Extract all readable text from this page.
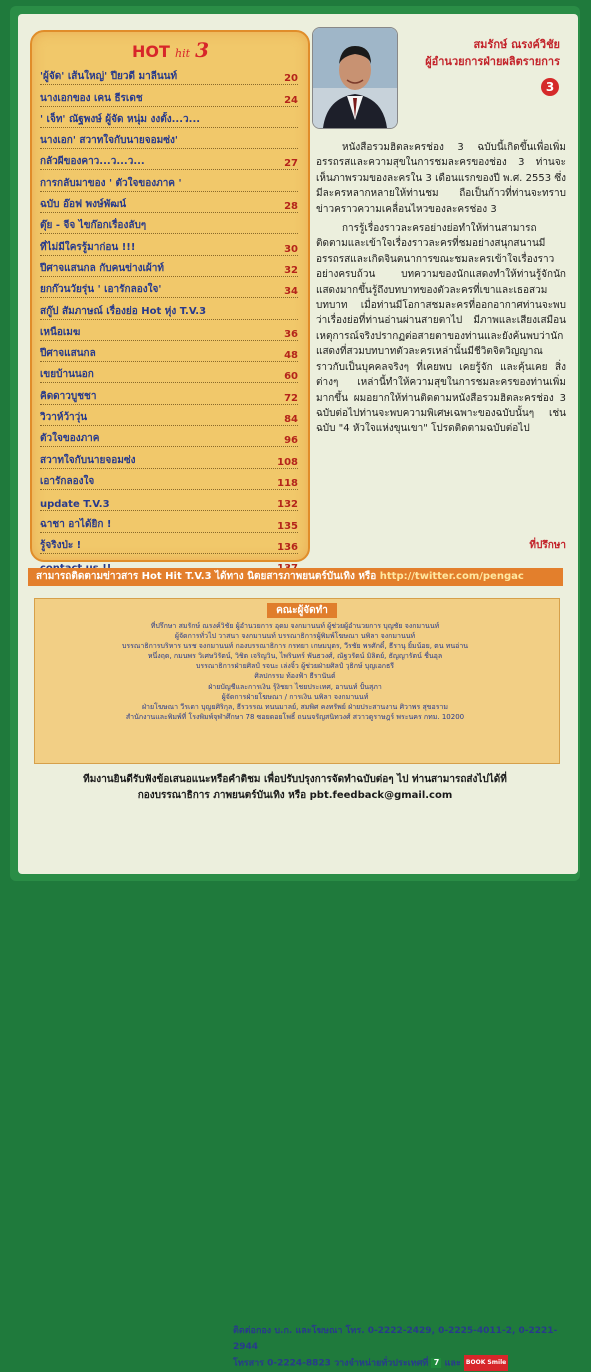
HOT hit 3
'ผู้จัด' เส้นใหญ่' ปียวดี มาลีนนท์	20
นางเอกของ เคน ธีรเดช	24
' เจ็ท' ณัฐพงษ์ ผู้จัด หนุ่ม งงตั้ง...ว...
นางเอก' สวาทใจกับนายจอมซ่ง'
กลัวผีของคาว...ว...ว...	27
การกลับมาของ ' ตัวใจของภาค '
ฉบับ อ๊อฟ พงษ์พัฒน์	28
ตุ๊ย - จีจ ไขก๊อกเรื่องลับๆ
ที่ไม่มีใครรู้มาก่อน !!!	30
ปีศาจแสนกล กับคนข่างเผ้าท์	32
ยกก๊วนวัยรุ่น ' เอารักลองใจ'	34
สกู๊ป สัมภาษณ์ เรื่องย่อ Hot หุ่ง T.V.3
เหนือเมฆ	36
ปีศาจแสนกล	48
เขยบ้านนอก	60
คิดดาวบูชชา	72
วิวาห์ว้าวุ่น	84
ตัวใจของภาค	96
สวาทใจกับนายจอมซ่ง	108
เอารักลองใจ	118
update T.V.3	132
ฉาชา อาได้ยิก !	135
รู้จริงป่ะ !	136
สมรักษ์ ณรงค์วิชัย
ผู้อำนวยการฝ่ายผลิตรายการ
3

หนังสือรวมฮิตละครช่อง 3 ฉบับนี้เกิดขึ้นเพื่อเพิ่มอรรถรสและความสุขในการชมละครของช่อง 3 ท่านจะเห็นภาพรวมของละครใน 3 เดือนแรกของปี พ.ศ. 2553 ซึ่งมีละครหลากหลายให้ท่านชม ถือเป็นก้าวที่ท่านจะทราบข่าวคราวความเคลื่อนไหวของละครช่อง 3

การรู้เรื่องราวละครอย่างย่อทำให้ท่านสามารถติดตามและเข้าใจเรื่องราวละครที่ชมอย่างสนุกสนานมีอรรถรสและเกิดจินตนาการขณะชมละครเข้าใจเรื่องราวอย่างครบถ้วน บทความของนักแสดงทำให้ท่านรู้จักนักแสดงมากขึ้นรู้ถึงบทบาทของตัวละครที่เขาและเธอสวมบทบาท เมื่อท่านมีโอกาสชมละครที่ออกอากาศท่านจะพบว่าเรื่องย่อที่ท่านอ่านผ่านสายตาไป มีภาพและเสียงเสมือนเหตุการณ์จริงปรากฏต่อสายตาของท่านและยังค้นพบว่านักแสดงที่สวมบทบาทตัวละครเหล่านั้นมีชีวิตจิตวิญญาณราวกับเป็นบุคคลจริงๆ ที่เคยพบ เคยรู้จัก และคุ้นเคย สิ่งต่างๆ เหล่านี้ทำให้ความสุขในการชมละครของท่านเพิ่มมากขึ้น ผมอยากให้ท่านติดตามหนังสือรวมฮิตละครช่อง 3 ฉบับต่อไปท่านจะพบความพิเศษเฉพาะของฉบับนั้นๆ เช่น ฉบับ "4 หัวใจแห่งขุนเขา" โปรดติดตามฉบับต่อไป

ที่ปรึกษา
สามารถติดตามข่าวสาร Hot Hit T.V.3 ได้ทาง นิตยสารภาพยนตร์บันเทิง หรือ http://twitter.com/pengac
คณะผู้จัดทำ
ที่ปรึกษา สมรักษ์ ณรงค์วิชัย ผู้อำนวยการ อุดม จงกมานนท์ ผู้ช่วยผู้อำนวยการ บุญชัย จงกมานนท์
ผู้จัดการทั่วไป วาสนา จงกมานนท์ บรรณาธิการผู้พิมพ์โฆษณา นพิลา จงกมานนท์
บรรณาธิการบริหาร นรช จงกมานนท์ กองบรรณาธิการ กรทยา เกษมบุตร, วีรชัย พรศักดิ์, ธีรานุ ยิ้มน้อย, ตน ทนอ่าน
หนึ่งฤด, กมนพร วิเศษวิรัตน์, วิชิต เจริญวิน, ไพรินทร์ พันธวงศ์, ณัฐวรัตน์ มิลิตย์, ธัญญารัตน์ ชื่นอุล
บรรณาธิการฝ่ายศิลป์ รจนะ เล่งจิ้ว ผู้ช่วยฝ่ายศิลป์ วุธิกษ์ บุญเอกธรี
ศิลปกรรม ท้องฟ้า ธีรานันต์
ฝ่ายบัญชีและการเงิน รุ้งิชยา ไชยประเทศ, อานนท์ ปั้นสุภา
ผู้จัดการฝ่ายโฆษณา / การเงิน นพิลา จงกมานนท์
ฝ่ายโฆษณา วีรเดา บุญยศิริกุล, ธีรวรรณ ทนนมาลย์, สมพิศ คงทรัพย์ ฝ่ายประสานงาน ศิวาพร สุขอราม
สำนักงานและพิมพ์ที่ โรงพิมพ์จุฬาศึกษา 78 ซอยดอยโพธิ์ ถนนจรัญสนิทวงศ์ สวาวดูราษฎร์ พระนคร กทม. 10200
ติดต่อกอง บ.ก. และโฆษณา โทร. 0-2222-2429, 0-2225-4011-2, 0-2221-2944
โทรสาร 0-2224-8823 วางจำหน่ายทั่วประเทศที่ 7 และ BOOK Smile
ทีมงานยินดีรับฟังข้อเสนอแนะหรือคำติชม เพื่อปรับปรุงการจัดทำฉบับต่อๆ ไป ท่านสามารถส่งไปได้ที่
กองบรรณาธิการ ภาพยนตร์บันเทิง หรือ pbt.feedback@gmail.com
